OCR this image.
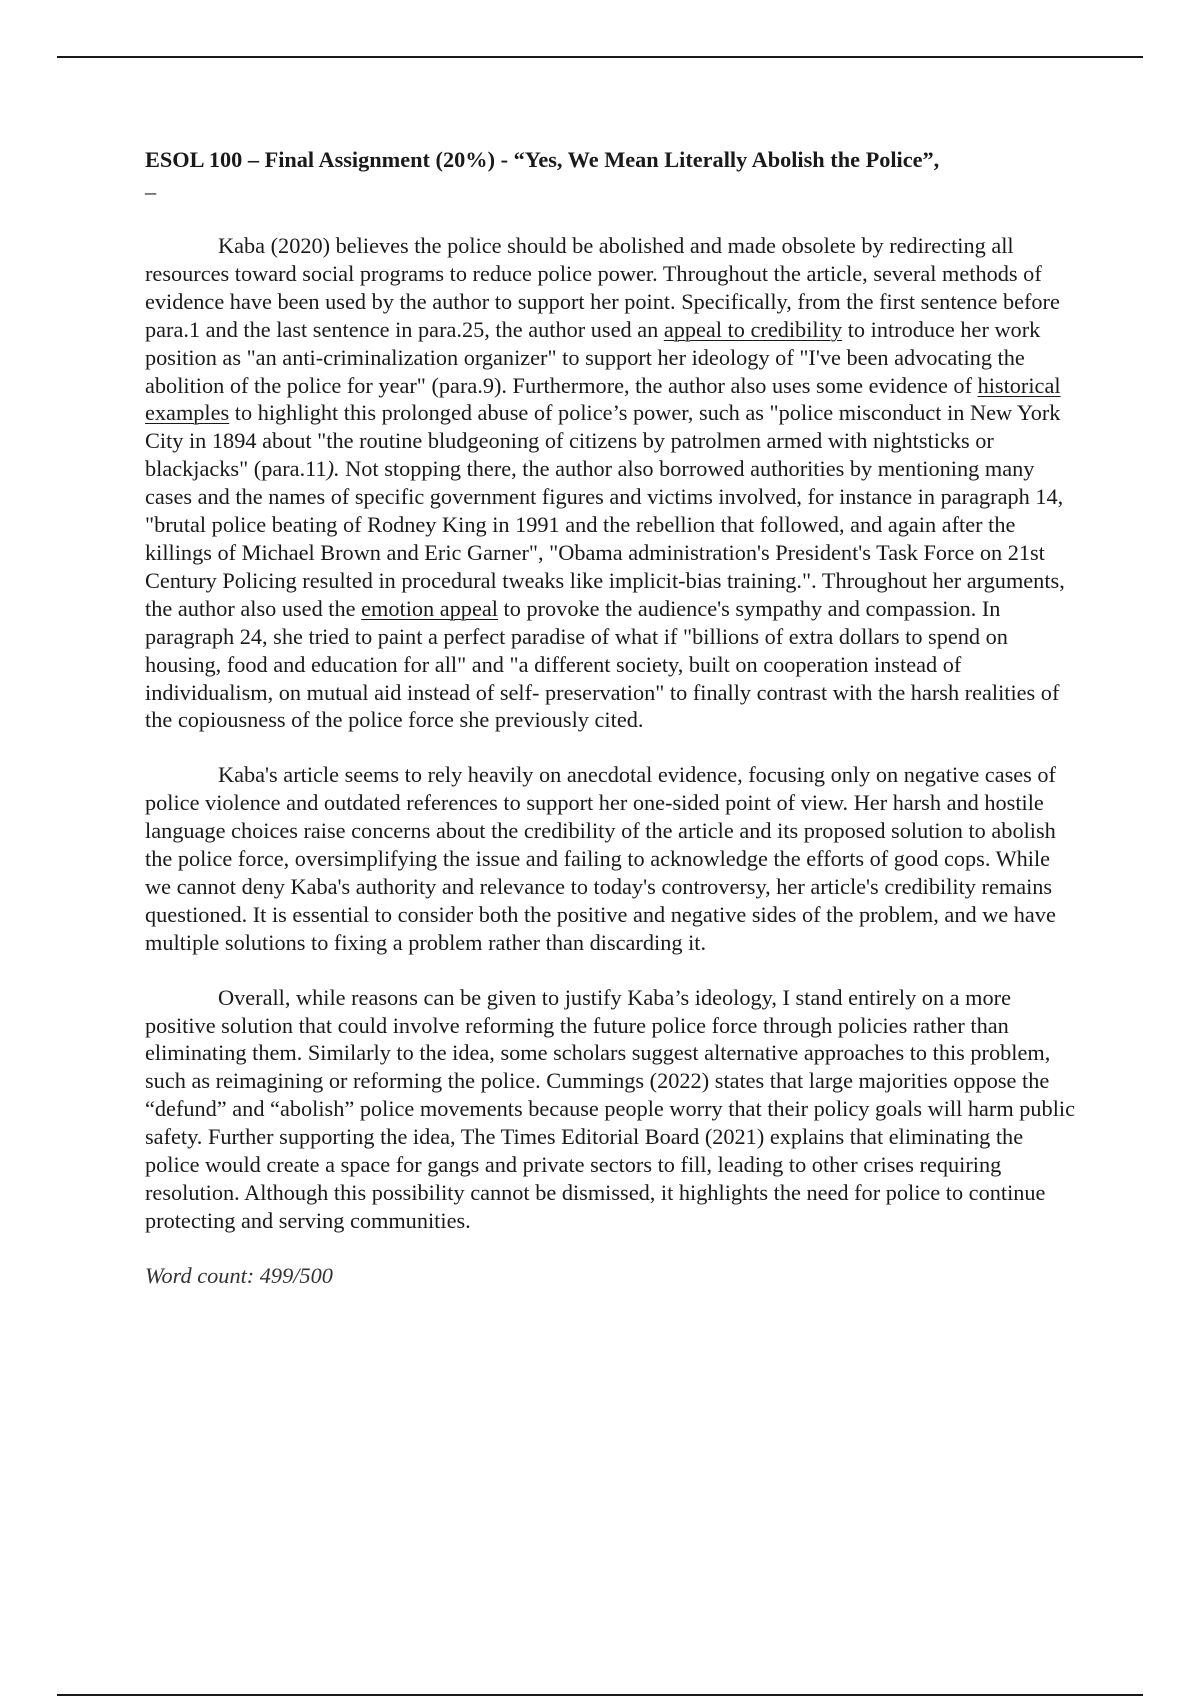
ESOL 100 – Final Assignment (20%) - “Yes, We Mean Literally Abolish the Police”,
–

Kaba (2020) believes the police should be abolished and made obsolete by redirecting all resources toward social programs to reduce police power. Throughout the article, several methods of evidence have been used by the author to support her point. Specifically, from the first sentence before para.1 and the last sentence in para.25, the author used an appeal to credibility to introduce her work position as "an anti-criminalization organizer" to support her ideology of "I've been advocating the abolition of the police for year" (para.9). Furthermore, the author also uses some evidence of historical examples to highlight this prolonged abuse of police’s power, such as "police misconduct in New York City in 1894 about "the routine bludgeoning of citizens by patrolmen armed with nightsticks or blackjacks" (para.11). Not stopping there, the author also borrowed authorities by mentioning many cases and the names of specific government figures and victims involved, for instance in paragraph 14, "brutal police beating of Rodney King in 1991 and the rebellion that followed, and again after the killings of Michael Brown and Eric Garner", "Obama administration's President's Task Force on 21st Century Policing resulted in procedural tweaks like implicit-bias training.". Throughout her arguments, the author also used the emotion appeal to provoke the audience's sympathy and compassion. In paragraph 24, she tried to paint a perfect paradise of what if "billions of extra dollars to spend on housing, food and education for all" and "a different society, built on cooperation instead of individualism, on mutual aid instead of self- preservation" to finally contrast with the harsh realities of the copiousness of the police force she previously cited.

Kaba's article seems to rely heavily on anecdotal evidence, focusing only on negative cases of police violence and outdated references to support her one-sided point of view. Her harsh and hostile language choices raise concerns about the credibility of the article and its proposed solution to abolish the police force, oversimplifying the issue and failing to acknowledge the efforts of good cops. While we cannot deny Kaba's authority and relevance to today's controversy, her article's credibility remains questioned. It is essential to consider both the positive and negative sides of the problem, and we have multiple solutions to fixing a problem rather than discarding it.

Overall, while reasons can be given to justify Kaba’s ideology, I stand entirely on a more positive solution that could involve reforming the future police force through policies rather than eliminating them. Similarly to the idea, some scholars suggest alternative approaches to this problem, such as reimagining or reforming the police. Cummings (2022) states that large majorities oppose the “defund” and “abolish” police movements because people worry that their policy goals will harm public safety. Further supporting the idea, The Times Editorial Board (2021) explains that eliminating the police would create a space for gangs and private sectors to fill, leading to other crises requiring resolution. Although this possibility cannot be dismissed, it highlights the need for police to continue protecting and serving communities.

Word count: 499/500
